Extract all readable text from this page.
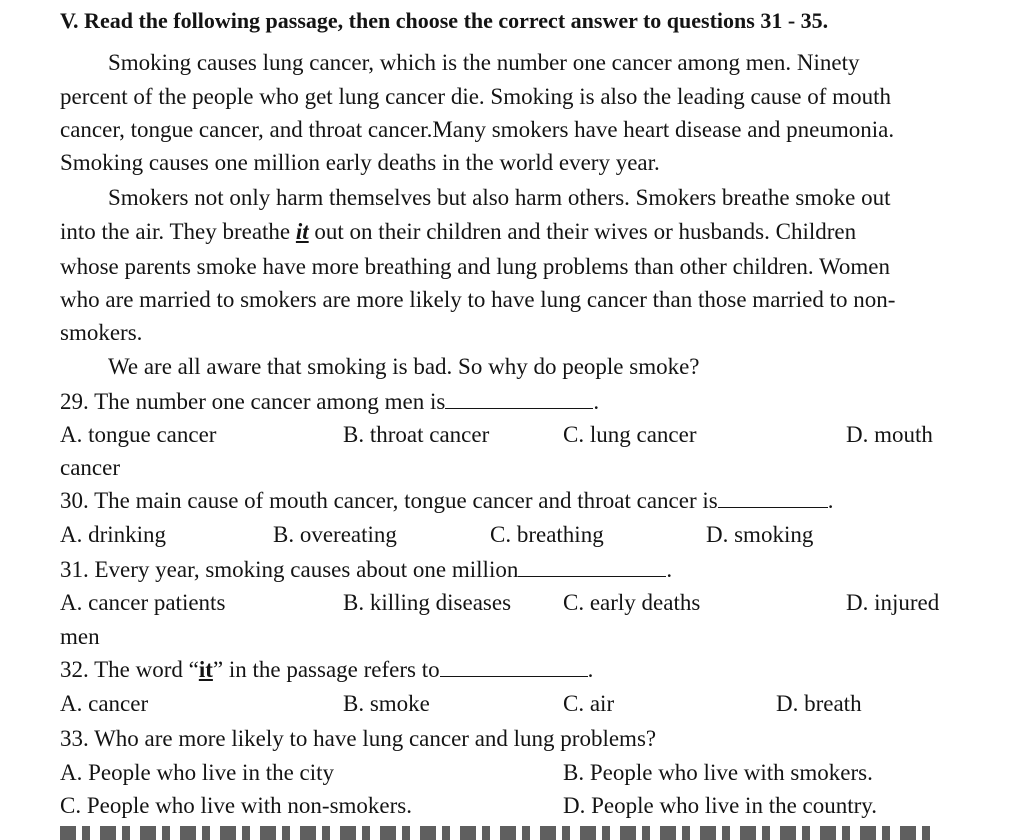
V. Read the following passage, then choose the correct answer to questions 31 - 35.
Smoking causes lung cancer, which is the number one cancer among men. Ninety
percent of the people who get lung cancer die. Smoking is also the leading cause of mouth
cancer, tongue cancer, and throat cancer.Many smokers have heart disease and pneumonia.
Smoking causes one million early deaths in the world every year.
Smokers not only harm themselves but also harm others. Smokers breathe smoke out
into the air. They breathe it out on their children and their wives or husbands. Children
whose parents smoke have more breathing and lung problems than other children. Women
who are married to smokers are more likely to have lung cancer than those married to non-
smokers.
We are all aware that smoking is bad. So why do people smoke?
29. The number one cancer among men is	.
A. tongue cancer	B. throat cancer	C. lung cancer	D. mouth
cancer
30. The main cause of mouth cancer, tongue cancer and throat cancer is	.
A. drinking	B. overeating	C. breathing	D. smoking
31. Every year, smoking causes about one million	.
A. cancer patients	B. killing diseases C. early deaths	D. injured
men
32. The word “it” in the passage refers to	.
A. cancer	B. smoke	C. air	D. breath
33. Who are more likely to have lung cancer and lung problems?
A. People who live in the city	B. People who live with smokers.
C. People who live with non-smokers.	D. People who live in the country.
